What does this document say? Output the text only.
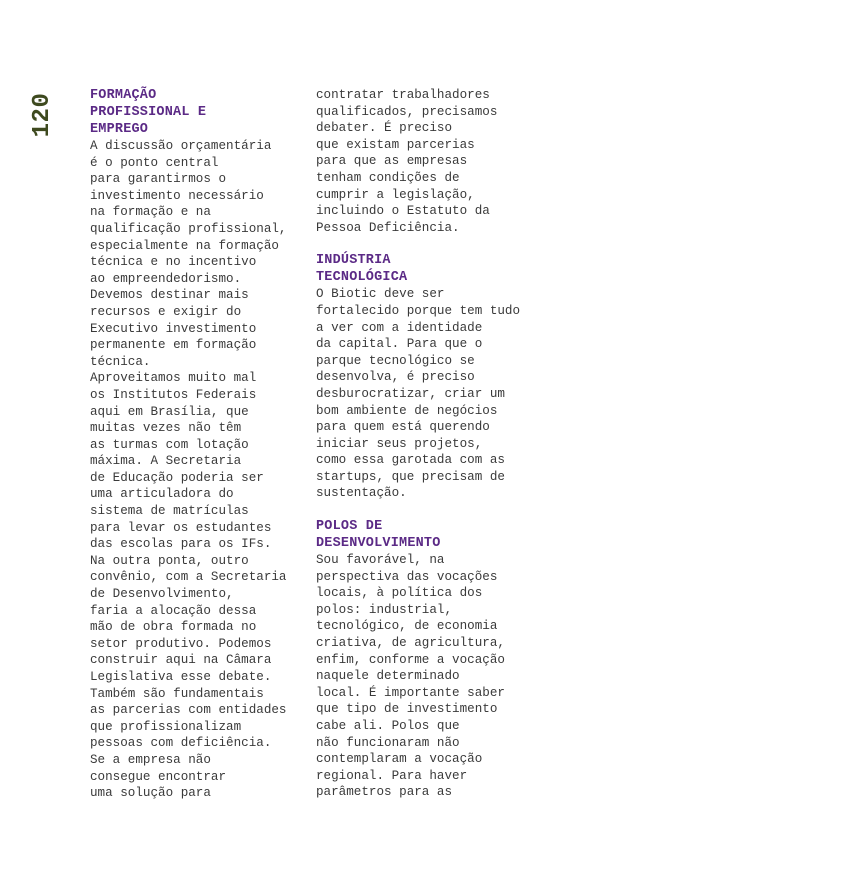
120	FORMAÇÃO
PROFISSIONAL E
EMPREGO

A discussão orçamentária
é o ponto central
para garantirmos o
investimento necessário
na formação e na
qualificação profissional,
especialmente na formação
técnica e no incentivo
ao empreendedorismo.
Devemos destinar mais
recursos e exigir do
Executivo investimento
permanente em formação
técnica.

Aproveitamos muito mal
os Institutos Federais
aqui em Brasília, que
muitas vezes não têm
as turmas com lotação
máxima. A Secretaria
de Educação poderia ser
uma articuladora do
sistema de matrículas
para levar os estudantes
das escolas para os IFs.
Na outra ponta, outro
convênio, com a Secretaria
de Desenvolvimento,
faria a alocação dessa
mão de obra formada no
setor produtivo. Podemos
construir aqui na Câmara
Legislativa esse debate.
Também são fundamentais
as parcerias com entidades
que profissionalizam
pessoas com deficiência.
Se a empresa não
consegue encontrar
uma solução para

contratar trabalhadores
qualificados, precisamos
debater. É preciso
que existam parcerias
para que as empresas
tenham condições de
cumprir a legislação,
incluindo o Estatuto da
Pessoa Deficiência.

INDÚSTRIA
TECNOLÓGICA

O Biotic deve ser
fortalecido porque tem tudo
a ver com a identidade
da capital. Para que o
parque tecnológico se
desenvolva, é preciso
desburocratizar, criar um
bom ambiente de negócios
para quem está querendo
iniciar seus projetos,
como essa garotada com as
startups, que precisam de
sustentação.

POLOS DE
DESENVOLVIMENTO

Sou favorável, na
perspectiva das vocações
locais, à política dos
polos: industrial,
tecnológico, de economia
criativa, de agricultura,
enfim, conforme a vocação
naquele determinado
local. É importante saber
que tipo de investimento
cabe ali. Polos que
não funcionaram não
contemplaram a vocação
regional. Para haver
parâmetros para as
